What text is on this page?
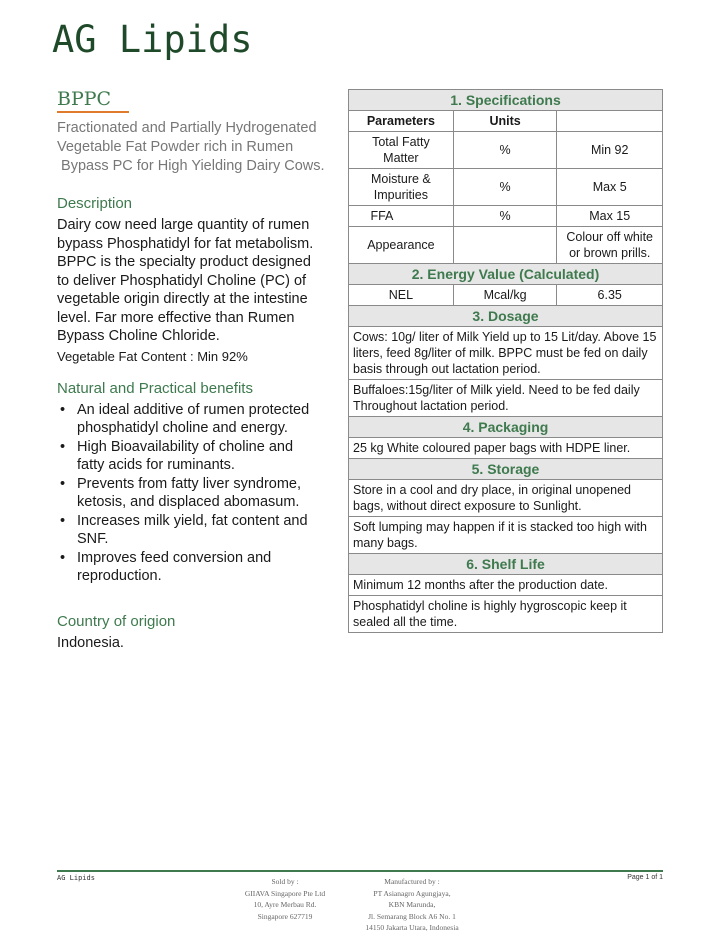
AG Lipids
BPPC
Fractionated and Partially Hydrogenated
Vegetable Fat Powder rich in Rumen
Bypass PC for High Yielding Dairy Cows.
Description
Dairy cow need large quantity of rumen
bypass Phosphatidyl for fat metabolism.
BPPC is the specialty product designed
to deliver Phosphatidyl Choline (PC) of
vegetable origin directly at the intestine
level. Far more effective than Rumen
Bypass Choline Chloride.
Vegetable Fat Content : Min 92%
Natural and Practical benefits
• An ideal additive of rumen protected
phosphatidyl choline and energy.
• High Bioavailability of choline and
fatty acids for ruminants.
• Prevents from fatty liver syndrome,
ketosis, and displaced abomasum.
• Increases milk yield, fat content and
SNF.
• Improves feed conversion and
reproduction.
Country of origion
Indonesia.
1. Specifications		
Parameters	Units	
Total Fatty Matter	%	Min 92
Moisture & Impurities	%	Max 5
FFA	%	Max 15
Appearance		Colour off white or brown prills.
2. Energy Value (Calculated)		
NEL	Mcal/kg	6.35
3. Dosage		
Cows: 10g/ liter of Milk Yield up to 15 Lit/day. Above 15 liters, feed 8g/liter of milk. BPPC must be fed on daily basis through out lactation period.		
Buffaloes:15g/liter of Milk yield. Need to be fed daily Throughout lactation period.		
4. Packaging		
25 kg White coloured paper bags with HDPE liner.		
5. Storage		
Store in a cool and dry place, in original unopened bags, without direct exposure to Sunlight.		
Soft lumping may happen if it is stacked too high with many bags.		
6. Shelf Life		
Minimum 12 months after the production date.		
Phosphatidyl choline is highly hygroscopic keep it sealed all the time.		
AG Lipids	Page 1 of 1
Sold by :
GIIAVA Singapore Pte Ltd
10, Ayre Merbau Rd.
Singapore 627719
Manufactured by :
PT Asianagro Agungjaya,
KBN Marunda,
Jl. Semarang Block A6 No. 1
14150 Jakarta Utara, Indonesia
